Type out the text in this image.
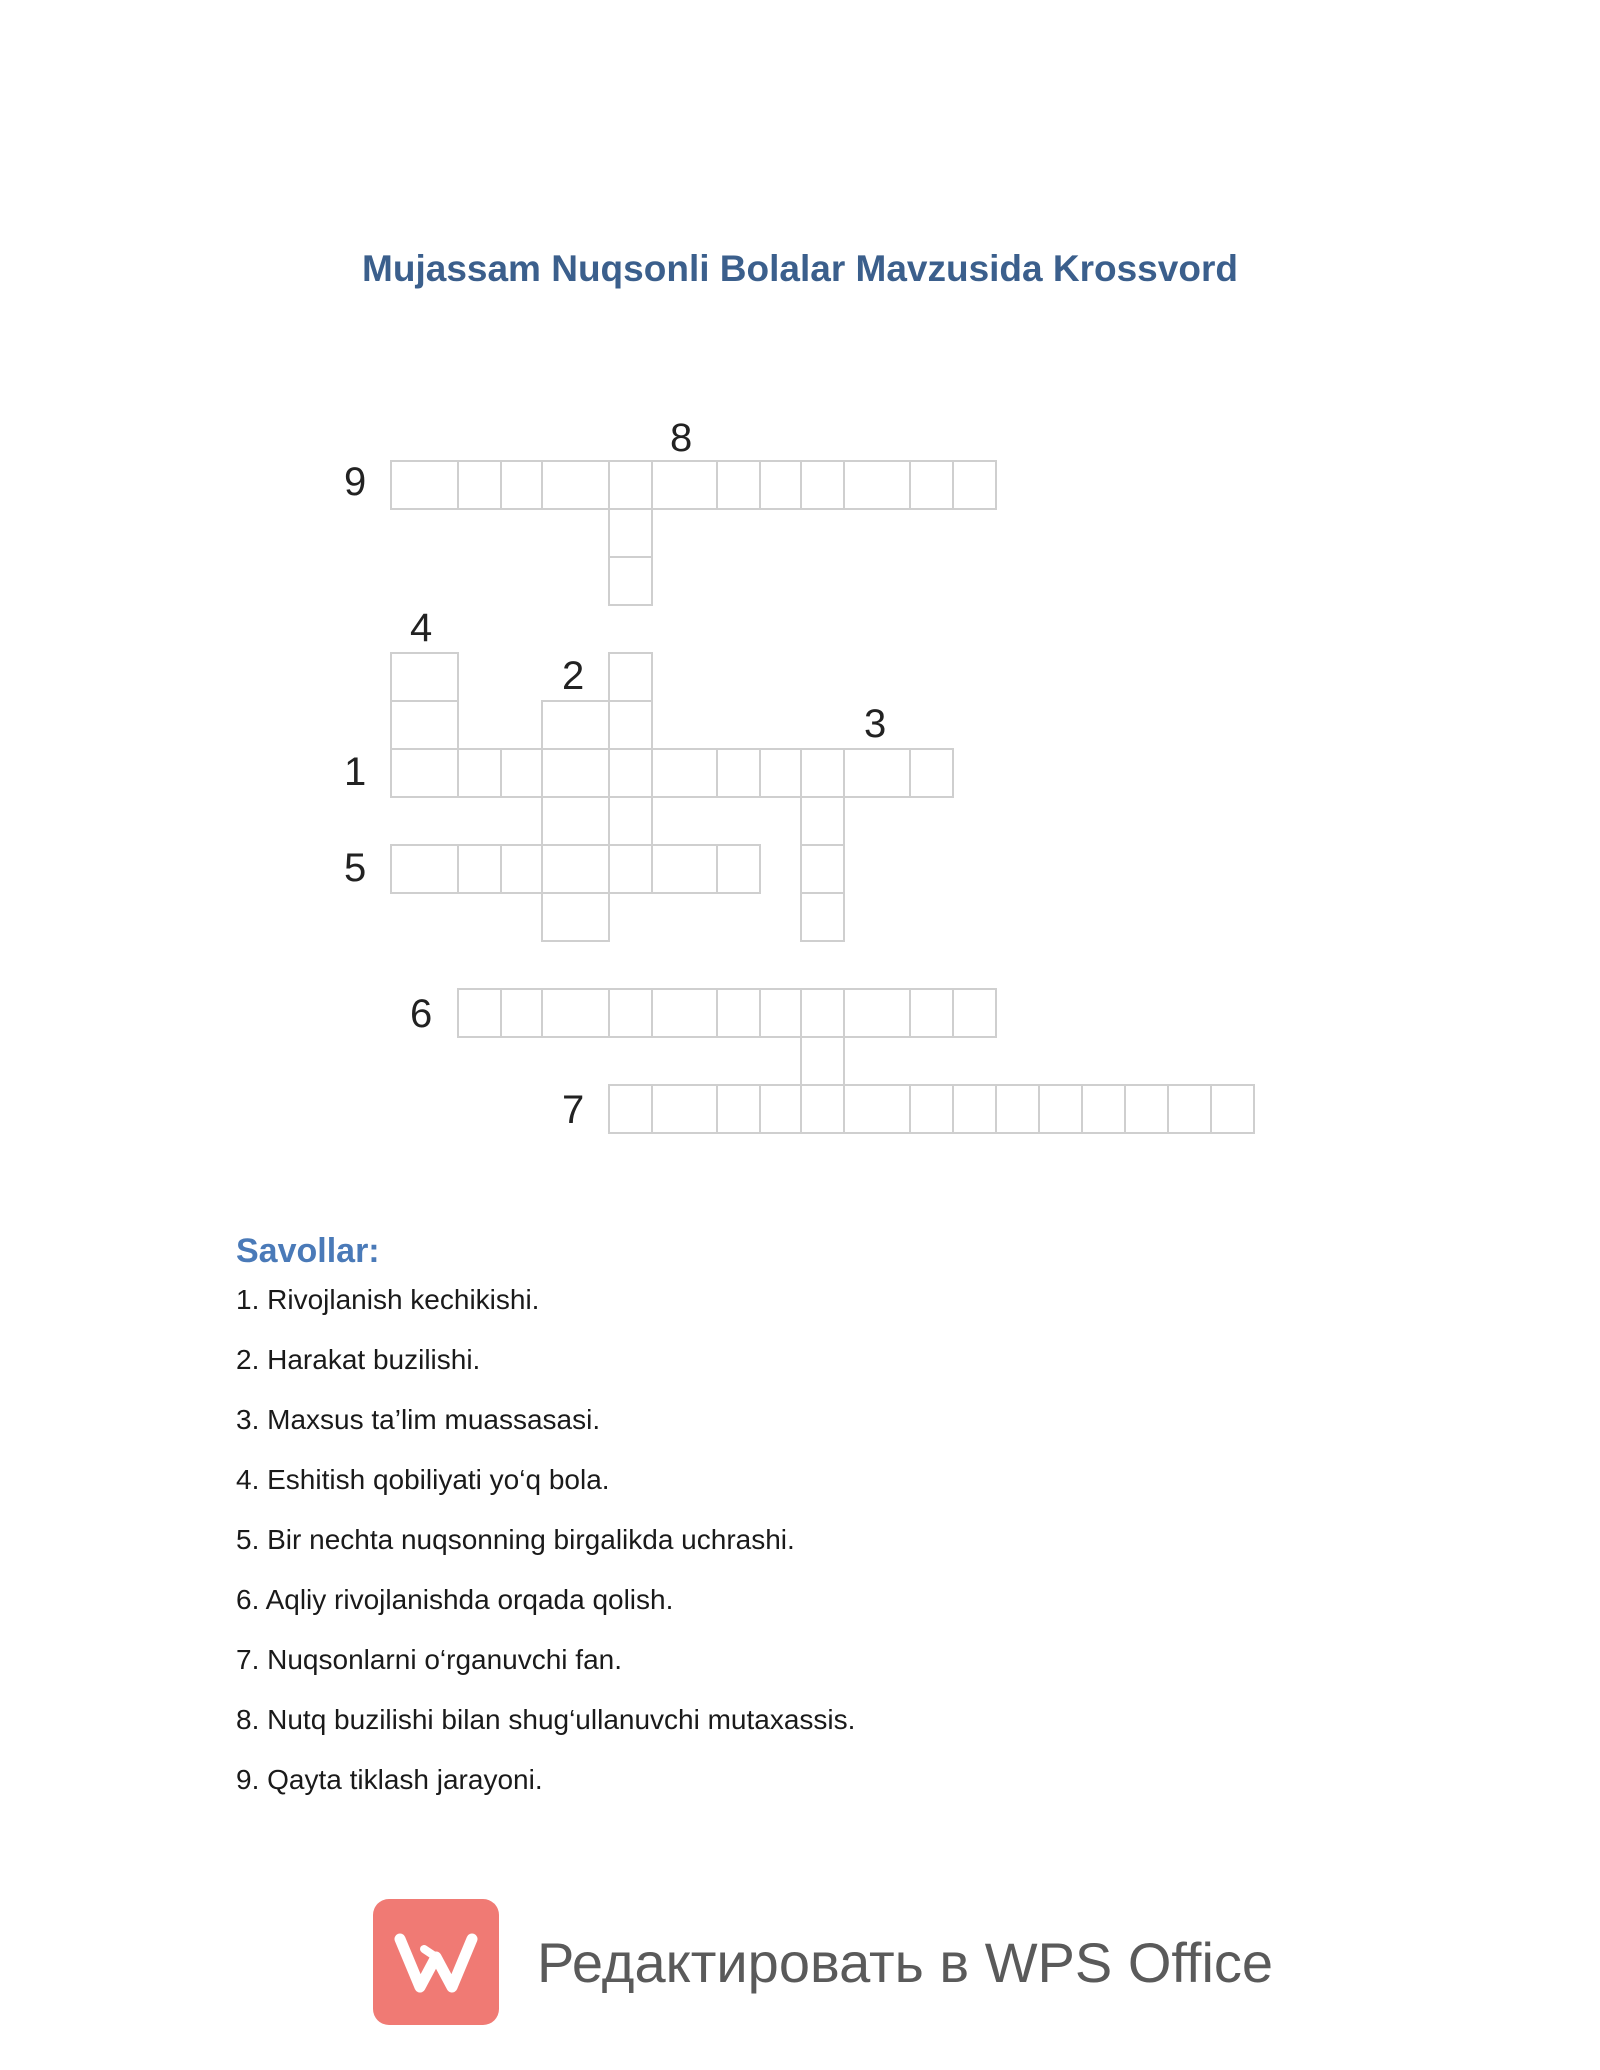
Mujassam Nuqsonli Bolalar Mavzusida Krossvord
9
8
4
2
3
1
5
6
7
Savollar:
1. Rivojlanish kechikishi.
2. Harakat buzilishi.
3. Maxsus ta’lim muassasasi.
4. Eshitish qobiliyati yo‘q bola.
5. Bir nechta nuqsonning birgalikda uchrashi.
6. Aqliy rivojlanishda orqada qolish.
7. Nuqsonlarni o‘rganuvchi fan.
8. Nutq buzilishi bilan shug‘ullanuvchi mutaxassis.
9. Qayta tiklash jarayoni.
Редактировать в WPS Office
